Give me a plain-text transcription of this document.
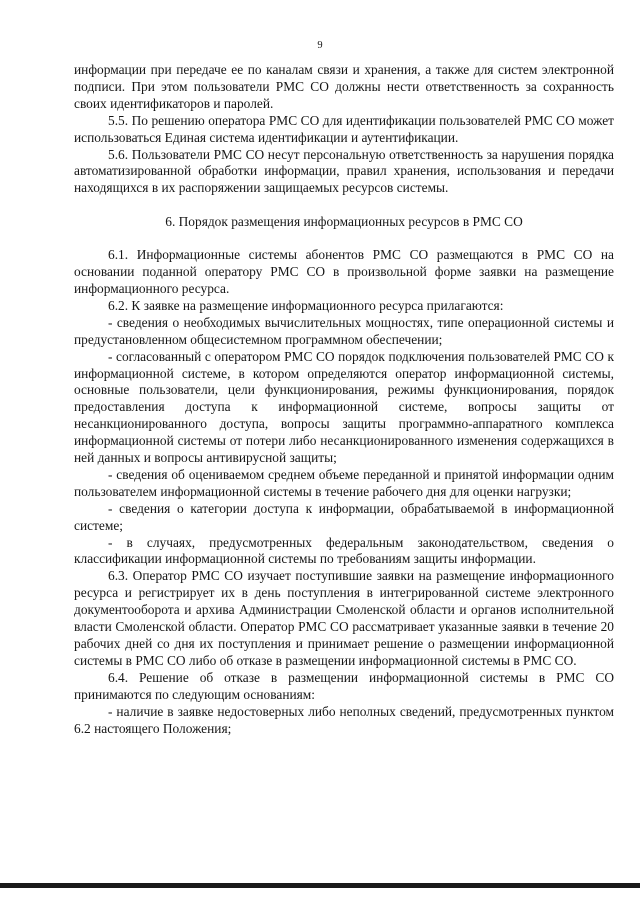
9

информации при передаче ее по каналам связи и хранения, а также для систем электронной подписи. При этом пользователи РМС СО должны нести ответственность за сохранность своих идентификаторов и паролей.

5.5. По решению оператора РМС СО для идентификации пользователей РМС СО может использоваться Единая система идентификации и аутентификации.

5.6. Пользователи РМС СО несут персональную ответственность за нарушения порядка автоматизированной обработки информации, правил хранения, использования и передачи находящихся в их распоряжении защищаемых ресурсов системы.

6. Порядок размещения информационных ресурсов в РМС СО

6.1. Информационные системы абонентов РМС СО размещаются в РМС СО на основании поданной оператору РМС СО в произвольной форме заявки на размещение информационного ресурса.

6.2. К заявке на размещение информационного ресурса прилагаются:

- сведения о необходимых вычислительных мощностях, типе операционной системы и предустановленном общесистемном программном обеспечении;

- согласованный с оператором РМС СО порядок подключения пользователей РМС СО к информационной системе, в котором определяются оператор информационной системы, основные пользователи, цели функционирования, режимы функционирования, порядок предоставления доступа к информационной системе, вопросы защиты от несанкционированного доступа, вопросы защиты программно-аппаратного комплекса информационной системы от потери либо несанкционированного изменения содержащихся в ней данных и вопросы антивирусной защиты;

- сведения об оцениваемом среднем объеме переданной и принятой информации одним пользователем информационной системы в течение рабочего дня для оценки нагрузки;

- сведения о категории доступа к информации, обрабатываемой в информационной системе;

- в случаях, предусмотренных федеральным законодательством, сведения о классификации информационной системы по требованиям защиты информации.

6.3. Оператор РМС СО изучает поступившие заявки на размещение информационного ресурса и регистрирует их в день поступления в интегрированной системе электронного документооборота и архива Администрации Смоленской области и органов исполнительной власти Смоленской области. Оператор РМС СО рассматривает указанные заявки в течение 20 рабочих дней со дня их поступления и принимает решение о размещении информационной системы в РМС СО либо об отказе в размещении информационной системы в РМС СО.

6.4. Решение об отказе в размещении информационной системы в РМС СО принимаются по следующим основаниям:

- наличие в заявке недостоверных либо неполных сведений, предусмотренных пунктом 6.2 настоящего Положения;
